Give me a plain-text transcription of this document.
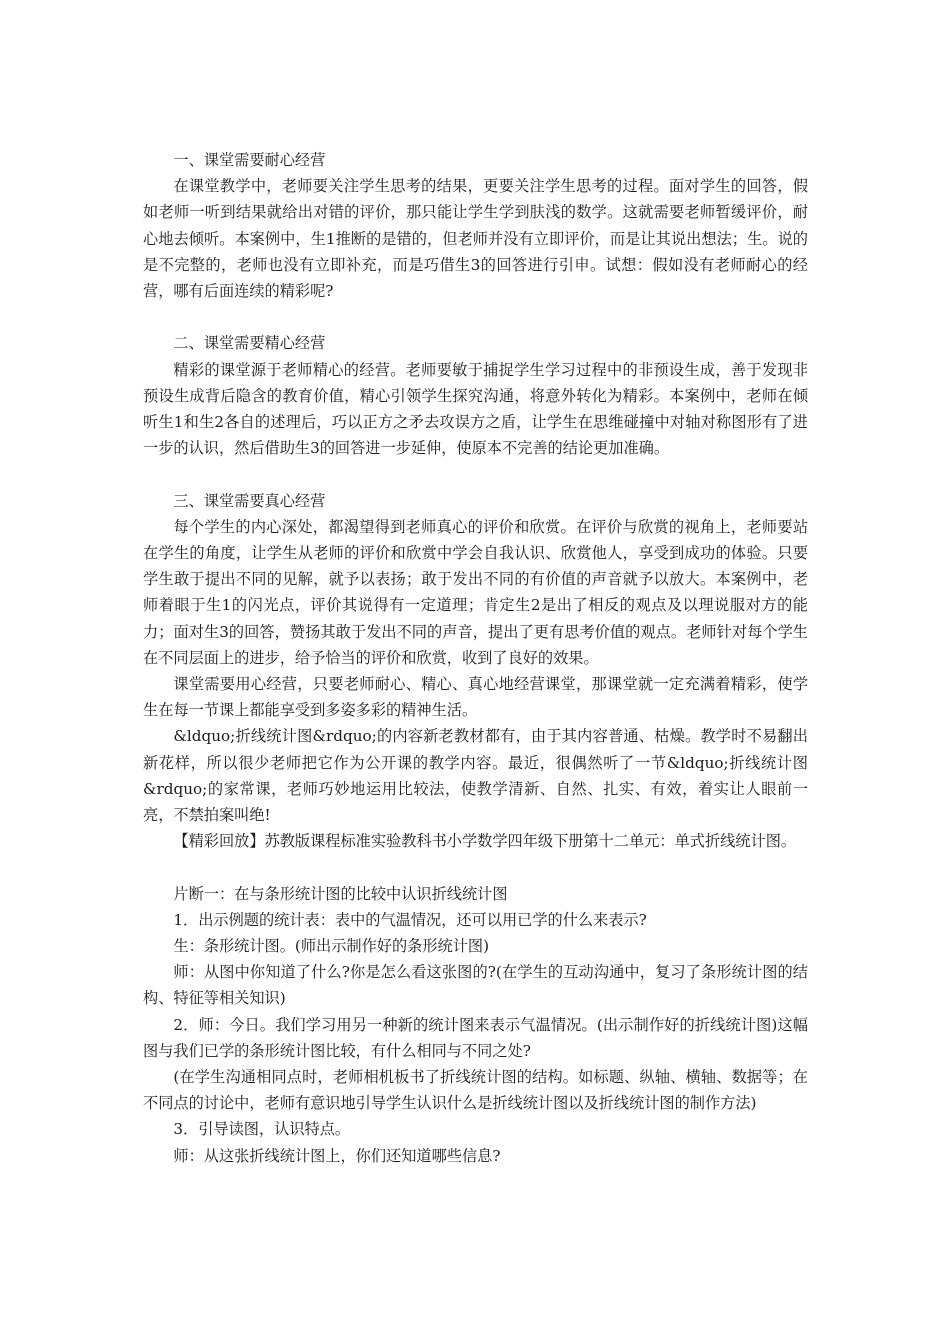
一、课堂需要耐心经营

在课堂教学中，老师要关注学生思考的结果，更要关注学生思考的过程。面对学生的回答，假如老师一听到结果就给出对错的评价，那只能让学生学到肤浅的数学。这就需要老师暂缓评价，耐心地去倾听。本案例中，生1推断的是错的，但老师并没有立即评价，而是让其说出想法；生。说的是不完整的，老师也没有立即补充，而是巧借生3的回答进行引申。试想：假如没有老师耐心的经营，哪有后面连续的精彩呢?

二、课堂需要精心经营

精彩的课堂源于老师精心的经营。老师要敏于捕捉学生学习过程中的非预设生成，善于发现非预设生成背后隐含的教育价值，精心引领学生探究沟通，将意外转化为精彩。本案例中，老师在倾听生1和生2各自的述理后，巧以正方之矛去攻误方之盾，让学生在思维碰撞中对轴对称图形有了进一步的认识，然后借助生3的回答进一步延伸，使原本不完善的结论更加准确。

三、课堂需要真心经营

每个学生的内心深处，都渴望得到老师真心的评价和欣赏。在评价与欣赏的视角上，老师要站在学生的角度，让学生从老师的评价和欣赏中学会自我认识、欣赏他人，享受到成功的体验。只要学生敢于提出不同的见解，就予以表扬；敢于发出不同的有价值的声音就予以放大。本案例中，老师着眼于生1的闪光点，评价其说得有一定道理；肯定生2是出了相反的观点及以理说服对方的能力；面对生3的回答，赞扬其敢于发出不同的声音，提出了更有思考价值的观点。老师针对每个学生在不同层面上的进步，给予恰当的评价和欣赏，收到了良好的效果。

课堂需要用心经营，只要老师耐心、精心、真心地经营课堂，那课堂就一定充满着精彩，使学生在每一节课上都能享受到多姿多彩的精神生活。

&ldquo;折线统计图&rdquo;的内容新老教材都有，由于其内容普通、枯燥。教学时不易翻出新花样，所以很少老师把它作为公开课的教学内容。最近，很偶然听了一节&ldquo;折线统计图&rdquo;的家常课，老师巧妙地运用比较法，使教学清新、自然、扎实、有效，着实让人眼前一亮，不禁拍案叫绝!

【精彩回放】苏教版课程标准实验教科书小学数学四年级下册第十二单元：单式折线统计图。

片断一：在与条形统计图的比较中认识折线统计图

1．出示例题的统计表：表中的气温情况，还可以用已学的什么来表示?

生：条形统计图。(师出示制作好的条形统计图)

师：从图中你知道了什么?你是怎么看这张图的?(在学生的互动沟通中，复习了条形统计图的结构、特征等相关知识)

2．师：今日。我们学习用另一种新的统计图来表示气温情况。(出示制作好的折线统计图)这幅图与我们已学的条形统计图比较，有什么相同与不同之处?

(在学生沟通相同点时，老师相机板书了折线统计图的结构。如标题、纵轴、横轴、数据等；在不同点的讨论中，老师有意识地引导学生认识什么是折线统计图以及折线统计图的制作方法)

3．引导读图，认识特点。

师：从这张折线统计图上，你们还知道哪些信息?
